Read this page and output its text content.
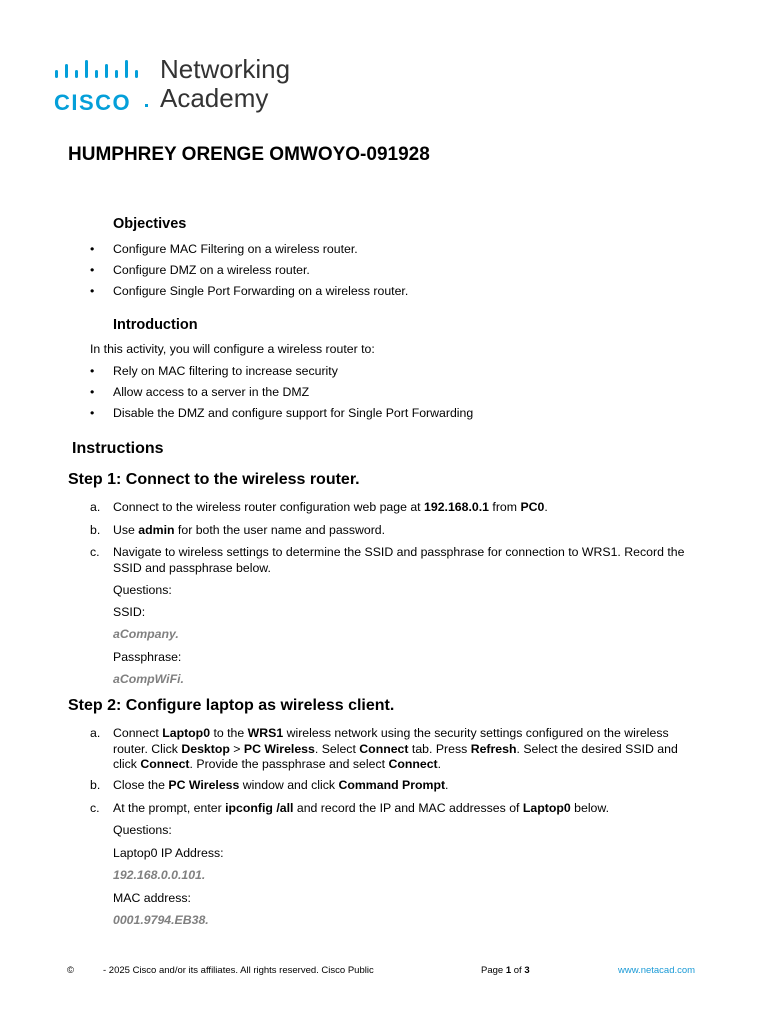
CISCO
Networking
Academy
HUMPHREY ORENGE OMWOYO-091928
Objectives
• Configure MAC Filtering on a wireless router.
• Configure DMZ on a wireless router.
• Configure Single Port Forwarding on a wireless router.
Introduction
In this activity, you will configure a wireless router to:
• Rely on MAC filtering to increase security
• Allow access to a server in the DMZ
• Disable the DMZ and configure support for Single Port Forwarding
Instructions
Step 1: Connect to the wireless router.
a. Connect to the wireless router configuration web page at 192.168.0.1 from PC0.
b. Use admin for both the user name and password.
c. Navigate to wireless settings to determine the SSID and passphrase for connection to WRS1. Record the SSID and passphrase below.
Questions:
SSID:
aCompany.
Passphrase:
aCompWiFi.
Step 2: Configure laptop as wireless client.
a. Connect Laptop0 to the WRS1 wireless network using the security settings configured on the wireless router. Click Desktop > PC Wireless. Select Connect tab. Press Refresh. Select the desired SSID and click Connect. Provide the passphrase and select Connect.
b. Close the PC Wireless window and click Command Prompt.
c. At the prompt, enter ipconfig /all and record the IP and MAC addresses of Laptop0 below.
Questions:
Laptop0 IP Address:
192.168.0.0.101.
MAC address:
0001.9794.EB38.
©	- 2025 Cisco and/or its affiliates. All rights reserved. Cisco Public	Page 1 of 3	www.netacad.com
